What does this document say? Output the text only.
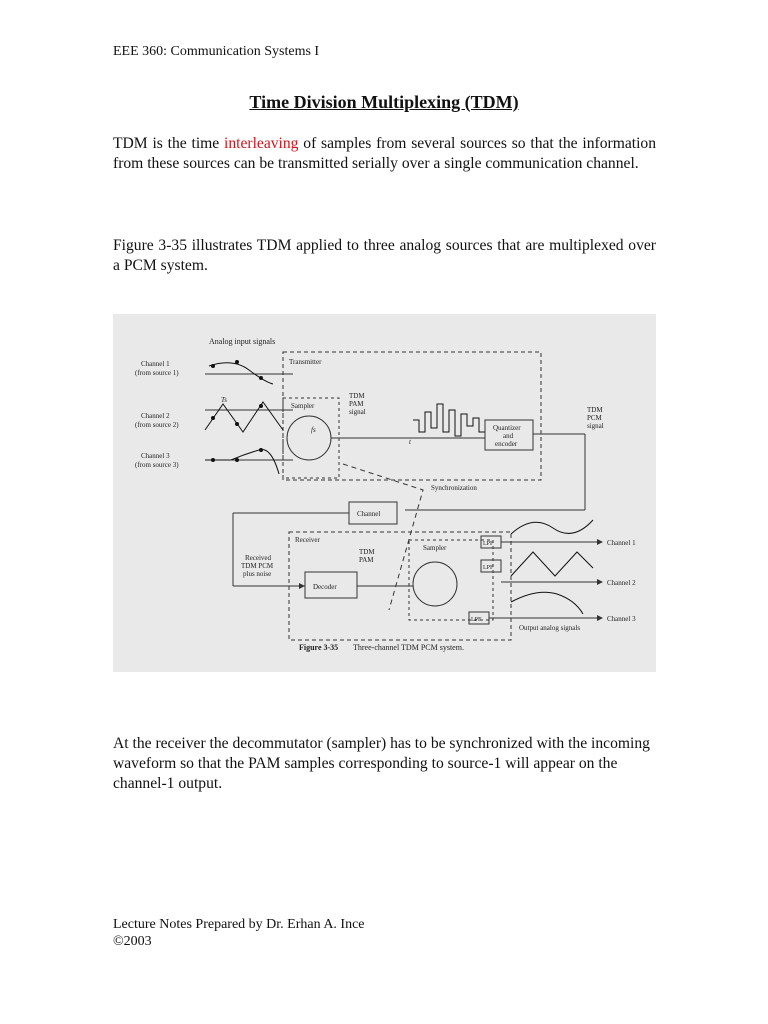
EEE 360: Communication Systems I
Time Division Multiplexing (TDM)
TDM is the time interleaving of samples from several sources so that the information from these sources can be transmitted serially over a single communication channel.
Figure 3-35 illustrates TDM applied to three analog sources that are multiplexed over a PCM system.
Analog input signals
Channel 1
(from source 1)
Channel 2
(from source 2)
Channel 3
(from source 3)
Transmitter
Sampler
fs
Ts	TDM
PAM
signal
t
Quantizer
and
encoder
TDM
PCM
signal
Synchronization
Channel
Receiver
Received
TDM PCM
plus noise
Decoder
TDM
PAM
Sampler	LPF
LPF
LPF
Channel 1
Channel 2
Channel 3
Output analog signals
Figure 3-35 Three-channel TDM PCM system.
At the receiver the decommutator (sampler) has to be synchronized with the incoming waveform so that the PAM samples corresponding to source-1 will appear on the channel-1 output.
Lecture Notes Prepared by Dr. Erhan A. Ince
©2003
